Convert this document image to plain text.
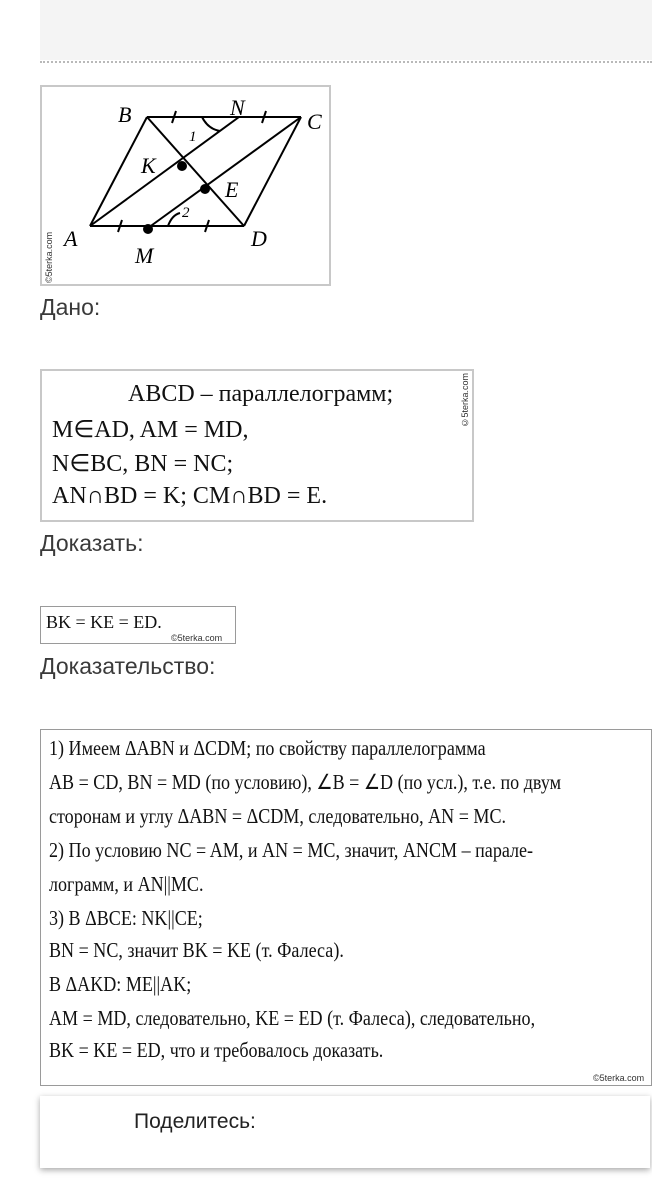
B	N
C
K
E
A	D
M
1
2
©5terka.com
Дано:
ABCD – параллелограмм;
M∈AD, AM = MD,
N∈BC, BN = NC;
AN∩BD = K; CM∩BD = E.
©5terka.com
Доказать:
BK = KE = ED.
©5terka.com
Доказательство:
1) Имеем ΔABN и ΔCDM; по свойству параллелограмма
AB = CD, BN = MD (по условию), ∠B = ∠D (по усл.), т.е. по двум
сторонам и углу ΔABN = ΔCDM, следовательно, AN = MC.
2) По условию NC = AM, и AN = MC, значит, ANCM – парале-
лограмм, и AN||MC.
3) В ΔBCE: NK||CE;
BN = NC, значит BK = KE (т. Фалеса).
В ΔAKD: ME||AK;
AM = MD, следовательно, KE = ED (т. Фалеса), следовательно,
BK = KE = ED, что и требовалось доказать.
©5terka.com
Поделитесь:
